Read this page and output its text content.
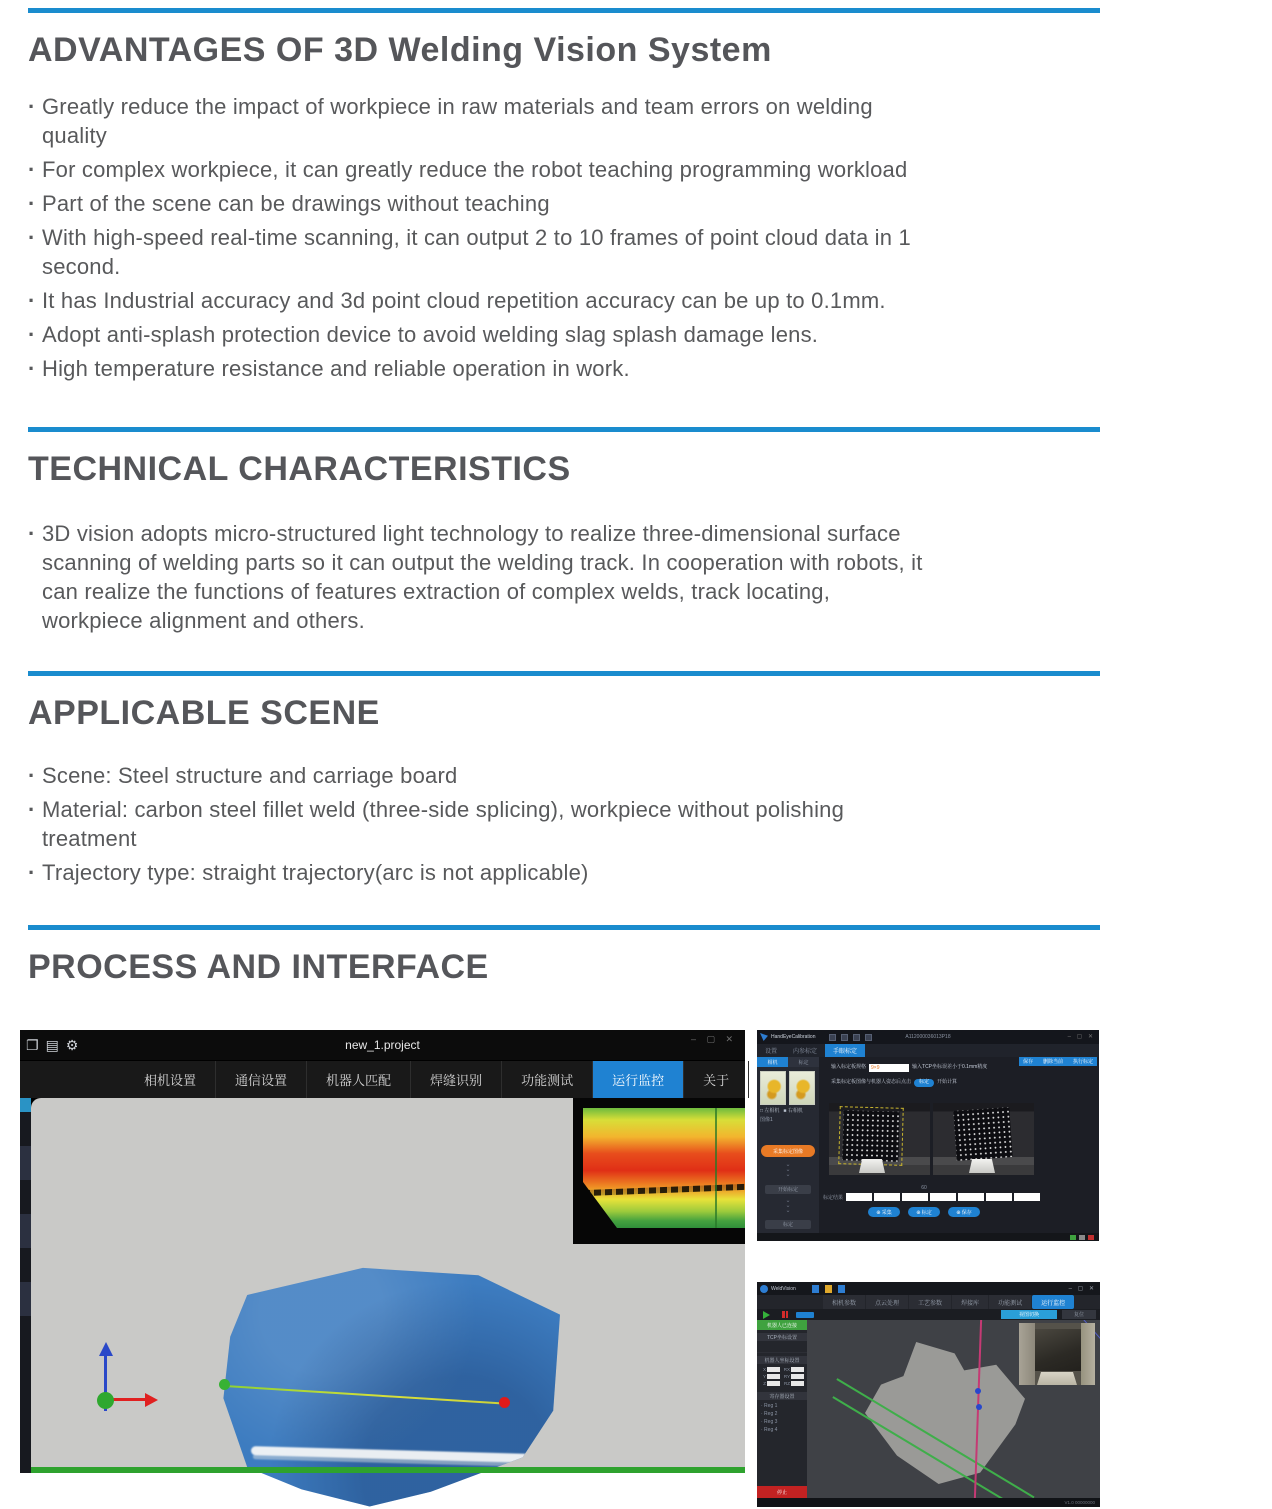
ADVANTAGES OF 3D Welding Vision System
· Greatly reduce the impact of workpiece in raw materials and team errors on welding quality
· For complex workpiece, it can greatly reduce the robot teaching programming workload
· Part of the scene can be drawings without teaching
· With high-speed real-time scanning, it can output 2 to 10 frames of point cloud data in 1 second.
· It has Industrial accuracy and 3d point cloud repetition accuracy can be up to 0.1mm.
· Adopt anti-splash protection device to avoid welding slag splash damage lens.
· High temperature resistance and reliable operation in work.
TECHNICAL CHARACTERISTICS
· 3D vision adopts micro-structured light technology to realize three-dimensional surface scanning of welding parts so it can output the welding track. In cooperation with robots, it can realize the functions of features extraction of complex welds, track locating, workpiece alignment and others.
APPLICABLE SCENE
· Scene: Steel structure and carriage board
· Material: carbon steel fillet weld (three-side splicing), workpiece without polishing treatment
· Trajectory type: straight trajectory(arc is not applicable)
PROCESS AND INTERFACE
❐ ▤ ⚙	new_1.project	– ▢ ✕
相机设置	通信设置	机器人匹配	焊缝识别	功能测试	运行监控	关于
HandEyeCalibration	A112000036013P18	– ▢ ✕
设置	内参标定	手眼标定
相机	标定
□ 左相机 ■ 右相机
图像1
采集标定图像
⌄
⌄
⌄
开始标定
⌄
⌄
⌄
标定
保存 删除当前 执行标定
输入标定板规格	9×9	输入TCP坐标误差小于0.1mm精度
采集标定板图像与机器人姿态后点击	标定	开始计算
60
标定结果
⊕ 采集	⊕ 标定	⊕ 保存
WeldVision	– ▢ ✕
相机参数	点云处理	工艺参数	焊接库	功能测试	运行监控
视图切换	复位
机器人已连接
TCP坐标设置
机器人坐标设置
X	RX
Y	RY
Z	RZ
寄存器设置
· Reg 1
· Reg 2
· Reg 3
· Reg 4
停止
V1.0 00000000
